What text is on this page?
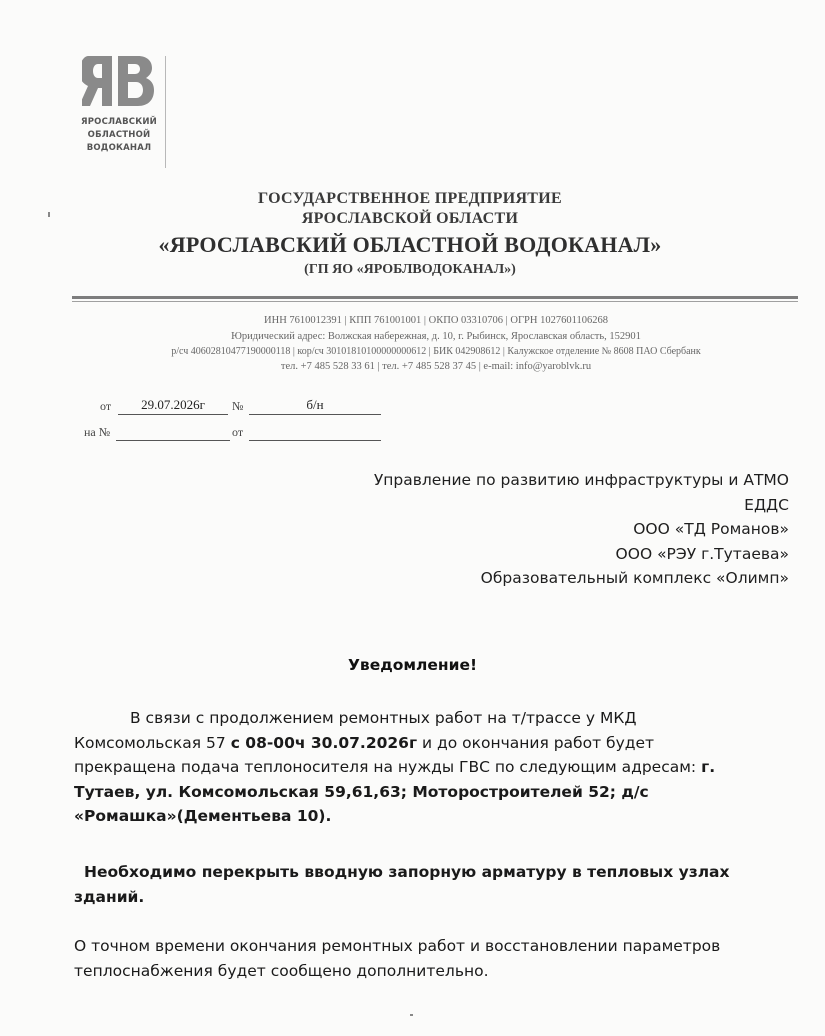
ЯРОСЛАВСКИЙ
ОБЛАСТНОЙ
ВОДОКАНАЛ
ГОСУДАРСТВЕННОЕ ПРЕДПРИЯТИЕ
ЯРОСЛАВСКОЙ ОБЛАСТИ
«ЯРОСЛАВСКИЙ ОБЛАСТНОЙ ВОДОКАНАЛ»
(ГП ЯО «ЯРОБЛВОДОКАНАЛ»)
ИНН 7610012391 | КПП 761001001 | ОКПО 03310706 | ОГРН 1027601106268
Юридический адрес: Волжская набережная, д. 10, г. Рыбинск, Ярославская область, 152901
р/сч 40602810477190000118 | кор/сч 30101810100000000612 | БИК 042908612 | Калужское отделение № 8608 ПАО Сбербанк
тел. +7 485 528 33 61 | тел. +7 485 528 37 45 | e-mail: info@yaroblvk.ru
от	29.07.2026г	№	б/н
на №	от
Управление по развитию инфраструктуры и АТМО
ЕДДС
ООО «ТД Романов»
ООО «РЭУ г.Тутаева»
Образовательный комплекс «Олимп»
Уведомление!
В связи с продолжением ремонтных работ на т/трассе у МКД
Комсомольская 57 с 08-00ч 30.07.2026г и до окончания работ будет
прекращена подача теплоносителя на нужды ГВС по следующим адресам: г.
Тутаев, ул. Комсомольская 59,61,63; Моторостроителей 52; д/с
«Ромашка»(Дементьева 10).
Необходимо перекрыть вводную запорную арматуру в тепловых узлах
зданий.
О точном времени окончания ремонтных работ и восстановлении параметров
теплоснабжения будет сообщено дополнительно.
